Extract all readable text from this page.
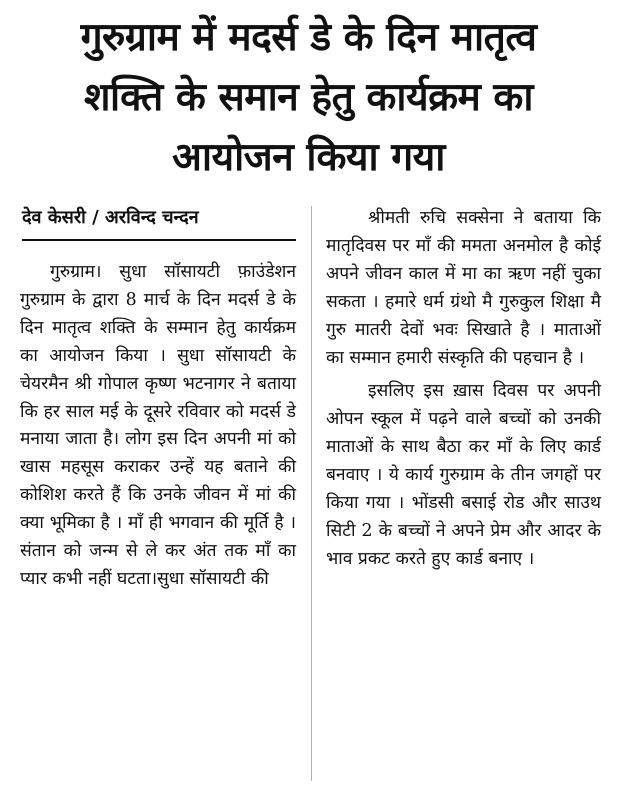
गुरुग्राम में मदर्स डे के दिन मातृत्व
शक्ति के समान हेतु कार्यक्रम का
आयोजन किया गया
देव केसरी / अरविन्द चन्दन

गुरुग्राम। सुधा सॉसायटी फ़ाउंडेशन गुरुग्राम के द्वारा 8 मार्च के दिन मदर्स डे के दिन मातृत्व शक्ति के सम्मान हेतु कार्यक्रम का आयोजन किया । सुधा सॉसायटी के चेयरमैन श्री गोपाल कृष्ण भटनागर ने बताया कि हर साल मई के दूसरे रविवार को मदर्स डे मनाया जाता है। लोग इस दिन अपनी मां को खास महसूस कराकर उन्हें यह बताने की कोशिश करते हैं कि उनके जीवन में मां की क्या भूमिका है । माँ ही भगवान की मूर्ति है । संतान को जन्म से ले कर अंत तक माँ का प्यार कभी नहीं घटता।सुधा सॉसायटी की

श्रीमती रुचि सक्सेना ने बताया कि मातृदिवस पर माँ की ममता अनमोल है कोई अपने जीवन काल में मा का ऋण नहीं चुका सकता । हमारे धर्म ग्रंथो मै गुरुकुल शिक्षा मै गुरु मातरी देवों भवः सिखाते है । माताओं का सम्मान हमारी संस्कृति की पहचान है ।

इसलिए इस ख़ास दिवस पर अपनी ओपन स्कूल में पढ़ने वाले बच्चों को उनकी माताओं के साथ बैठा कर माँ के लिए कार्ड बनवाए । ये कार्य गुरुग्राम के तीन जगहों पर किया गया । भोंडसी बसाई रोड और साउथ सिटी 2 के बच्चों ने अपने प्रेम और आदर के भाव प्रकट करते हुए कार्ड बनाए ।
